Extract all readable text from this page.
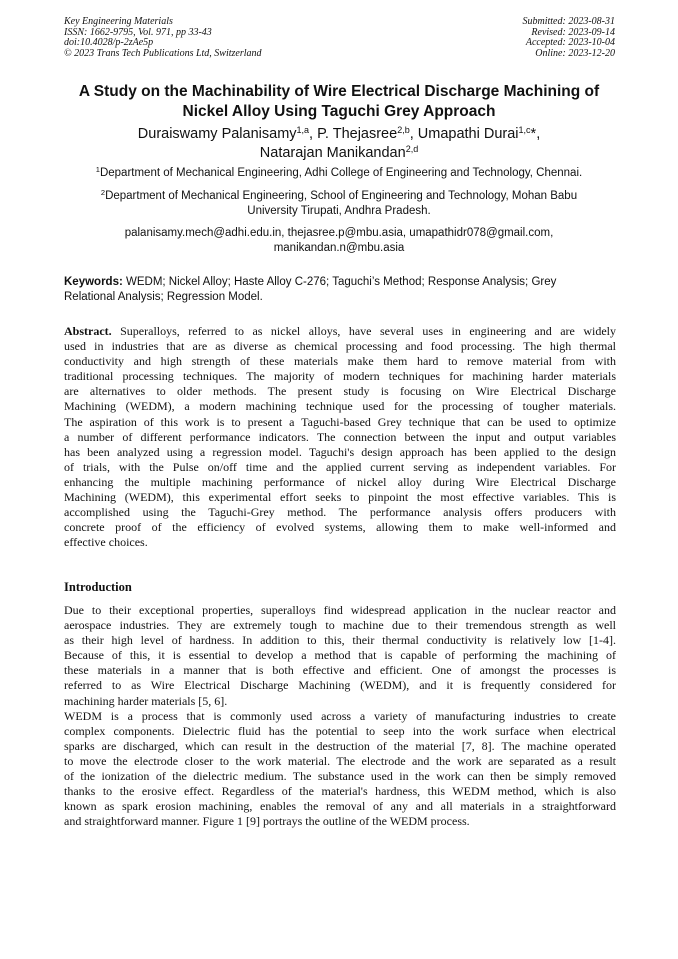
Key Engineering Materials
ISSN: 1662-9795, Vol. 971, pp 33-43
doi:10.4028/p-2zAe5p
© 2023 Trans Tech Publications Ltd, Switzerland
Submitted: 2023-08-31
Revised: 2023-09-14
Accepted: 2023-10-04
Online: 2023-12-20
A Study on the Machinability of Wire Electrical Discharge Machining of
Nickel Alloy Using Taguchi Grey Approach
Duraiswamy Palanisamy$^{1,a}$, P. Thejasree$^{2,b}$, Umapathi Durai$^{1,c}$*,
Natarajan Manikandan$^{2,d}$
$^1$Department of Mechanical Engineering, Adhi College of Engineering and Technology, Chennai.
$^2$Department of Mechanical Engineering, School of Engineering and Technology, Mohan Babu
University Tirupati, Andhra Pradesh.
palanisamy.mech@adhi.edu.in, thejasree.p@mbu.asia, umapathidr078@gmail.com,
manikandan.n@mbu.asia
Keywords: WEDM; Nickel Alloy; Haste Alloy C-276; Taguchi’s Method; Response Analysis; Grey
Relational Analysis; Regression Model.
Abstract. Superalloys, referred to as nickel alloys, have several uses in engineering and are widely
used in industries that are as diverse as chemical processing and food processing. The high thermal
conductivity and high strength of these materials make them hard to remove material from with
traditional processing techniques. The majority of modern techniques for machining harder materials
are alternatives to older methods. The present study is focusing on Wire Electrical Discharge
Machining (WEDM), a modern machining technique used for the processing of tougher materials.
The aspiration of this work is to present a Taguchi-based Grey technique that can be used to optimize
a number of different performance indicators. The connection between the input and output variables
has been analyzed using a regression model. Taguchi's design approach has been applied to the design
of trials, with the Pulse on/off time and the applied current serving as independent variables. For
enhancing the multiple machining performance of nickel alloy during Wire Electrical Discharge
Machining (WEDM), this experimental effort seeks to pinpoint the most effective variables. This is
accomplished using the Taguchi-Grey method. The performance analysis offers producers with
concrete proof of the efficiency of evolved systems, allowing them to make well-informed and
effective choices.
Introduction
Due to their exceptional properties, superalloys find widespread application in the nuclear reactor and
aerospace industries. They are extremely tough to machine due to their tremendous strength as well
as their high level of hardness. In addition to this, their thermal conductivity is relatively low [1-4].
Because of this, it is essential to develop a method that is capable of performing the machining of
these materials in a manner that is both effective and efficient. One of amongst the processes is
referred to as Wire Electrical Discharge Machining (WEDM), and it is frequently considered for
machining harder materials [5, 6].
WEDM is a process that is commonly used across a variety of manufacturing industries to create
complex components. Dielectric fluid has the potential to seep into the work surface when electrical
sparks are discharged, which can result in the destruction of the material [7, 8]. The machine operated
to move the electrode closer to the work material. The electrode and the work are separated as a result
of the ionization of the dielectric medium. The substance used in the work can then be simply removed
thanks to the erosive effect. Regardless of the material's hardness, this WEDM method, which is also
known as spark erosion machining, enables the removal of any and all materials in a straightforward
and straightforward manner. Figure 1 [9] portrays the outline of the WEDM process.
